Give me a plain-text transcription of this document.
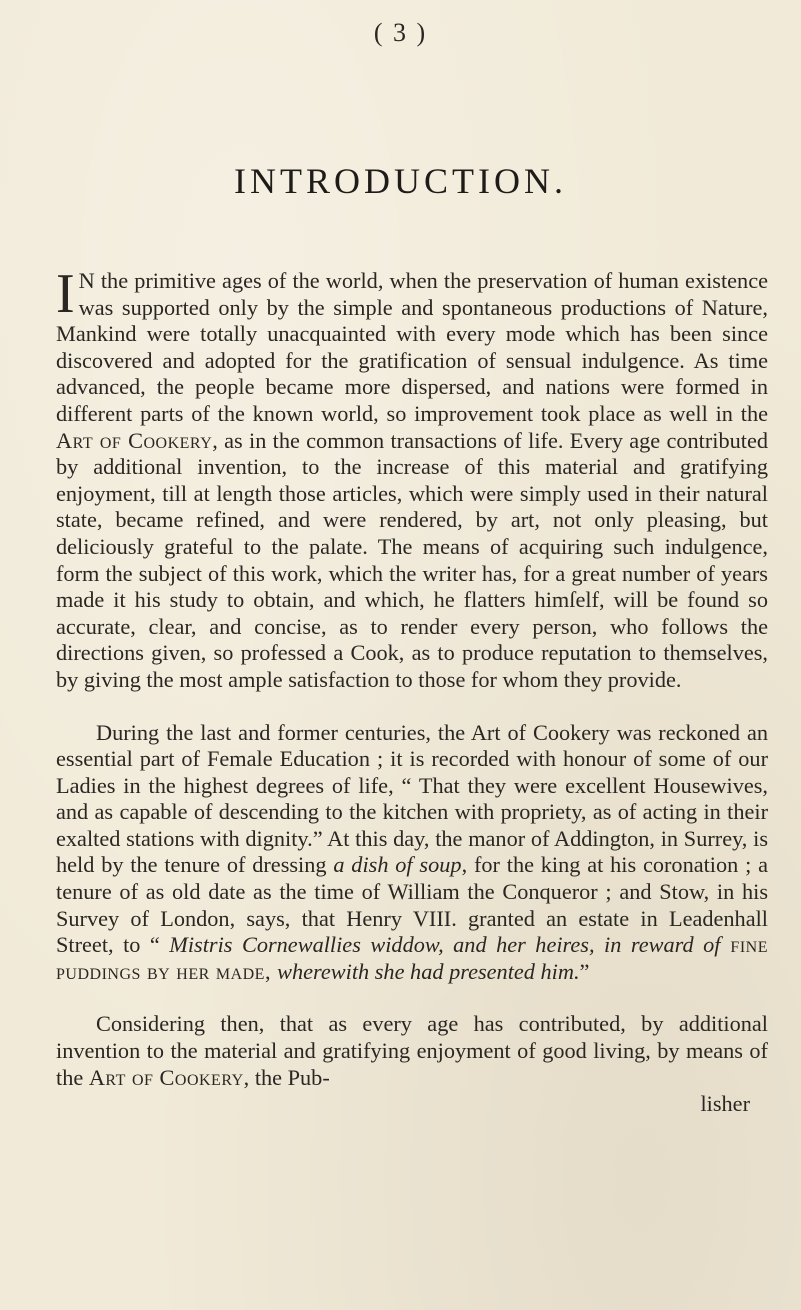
( 3 )
INTRODUCTION.

I N the primitive ages of the world, when the preservation of human existence was supported only by the simple and spontaneous productions of Nature, Mankind were totally unacquainted with every mode which has been since discovered and adopted for the gratification of sensual indulgence. As time advanced, the people became more dispersed, and nations were formed in different parts of the known world, so improvement took place as well in the Art of Cookery, as in the common transactions of life. Every age contributed by additional invention, to the increase of this material and gratifying enjoyment, till at length those articles, which were simply used in their natural state, became refined, and were rendered, by art, not only pleasing, but deliciously grateful to the palate. The means of acquiring such indulgence, form the subject of this work, which the writer has, for a great number of years made it his study to obtain, and which, he flatters himſelf, will be found so accurate, clear, and concise, as to render every person, who follows the directions given, so professed a Cook, as to produce reputation to themselves, by giving the most ample satisfaction to those for whom they provide.

During the last and former centuries, the Art of Cookery was reckoned an essential part of Female Education ; it is recorded with honour of some of our Ladies in the highest degrees of life, “ That they were excellent Housewives, and as capable of descending to the kitchen with propriety, as of acting in their exalted stations with dignity.” At this day, the manor of Addington, in Surrey, is held by the tenure of dressing a dish of soup, for the king at his coronation ; a tenure of as old date as the time of William the Conqueror ; and Stow, in his Survey of London, says, that Henry VIII. granted an estate in Leadenhall Street, to “ Mistris Cornewallies widdow, and her heires, in reward of fine puddings by her made, wherewith she had presented him.”

Considering then, that as every age has contributed, by additional invention to the material and gratifying enjoyment of good living, by means of the Art of Cookery, the Pub-

lisher
